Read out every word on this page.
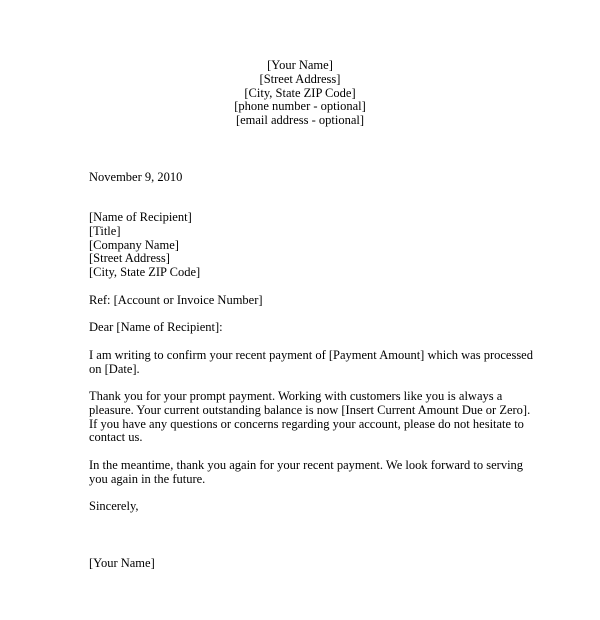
[Your Name]
[Street Address]
[City, State ZIP Code]
[phone number - optional]
[email address - optional]
November 9, 2010
[Name of Recipient]
[Title]
[Company Name]
[Street Address]
[City, State ZIP Code]
Ref: [Account or Invoice Number]
Dear [Name of Recipient]:
I am writing to confirm your recent payment of [Payment Amount] which was processed
on [Date].
Thank you for your prompt payment. Working with customers like you is always a
pleasure. Your current outstanding balance is now [Insert Current Amount Due or Zero].
If you have any questions or concerns regarding your account, please do not hesitate to
contact us.
In the meantime, thank you again for your recent payment. We look forward to serving
you again in the future.
Sincerely,
[Your Name]
